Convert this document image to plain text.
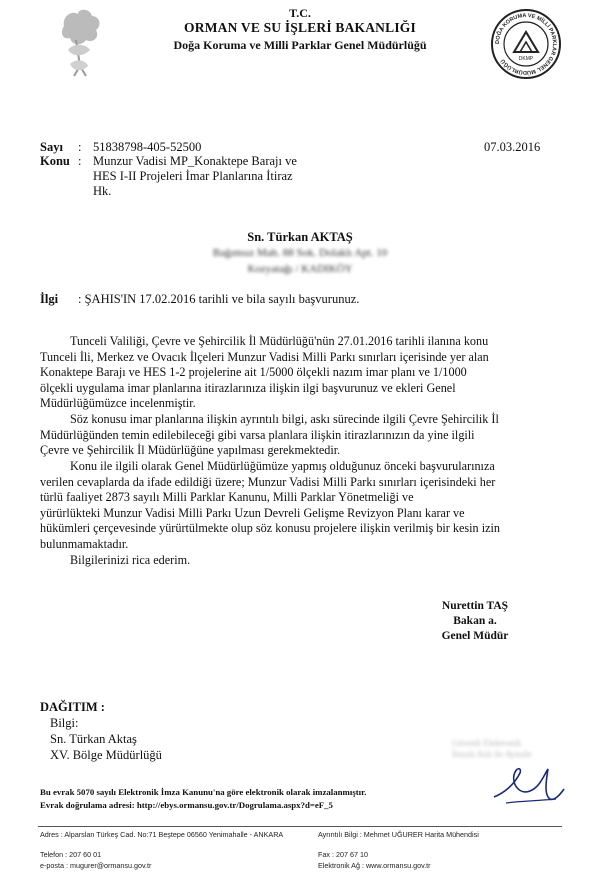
T.C.
ORMAN VE SU İŞLERİ BAKANLIĞI
Doğa Koruma ve Milli Parklar Genel Müdürlüğü	DOĞA KORUMA VE MİLLİ PARKLAR GENEL MÜDÜRLÜĞÜ	DKMP
Sayı : 51838798-405-52500	07.03.2016
Konu : Munzur Vadisi MP_Konaktepe Barajı ve
HES I-II Projeleri İmar Planlarına İtiraz
Hk.
Sn. Türkan AKTAŞ
Bağımsız Mah. 88 Sok. Dolaklı Apt. 10
Kozyatağı / KADIKÖY
İlgi : ŞAHIS'IN 17.02.2016 tarihli ve bila sayılı başvurunuz.
Tunceli Valiliği, Çevre ve Şehircilik İl Müdürlüğü'nün 27.01.2016 tarihli ilanına konu
Tunceli İli, Merkez ve Ovacık İlçeleri Munzur Vadisi Milli Parkı sınırları içerisinde yer alan
Konaktepe Barajı ve HES 1-2 projelerine ait 1/5000 ölçekli nazım imar planı ve 1/1000
ölçekli uygulama imar planlarına itirazlarınıza ilişkin ilgi başvurunuz ve ekleri Genel
Müdürlüğümüzce incelenmiştir.
Söz konusu imar planlarına ilişkin ayrıntılı bilgi, askı sürecinde ilgili Çevre Şehircilik İl
Müdürlüğünden temin edilebileceği gibi varsa planlara ilişkin itirazlarınızın da yine ilgili
Çevre ve Şehircilik İl Müdürlüğüne yapılması gerekmektedir.
Konu ile ilgili olarak Genel Müdürlüğümüze yapmış olduğunuz önceki başvurularınıza
verilen cevaplarda da ifade edildiği üzere; Munzur Vadisi Milli Parkı sınırları içerisindeki her
türlü faaliyet 2873 sayılı Milli Parklar Kanunu, Milli Parklar Yönetmeliği ve
yürürlükteki Munzur Vadisi Milli Parkı Uzun Devreli Gelişme Revizyon Planı karar ve
hükümleri çerçevesinde yürürtülmekte olup söz konusu projelere ilişkin verilmiş bir kesin izin
bulunmamaktadır.
Bilgilerinizi rica ederim.
Nurettin TAŞ
Bakan a.
Genel Müdür
DAĞITIM :
Bilgi:
Sn. Türkan Aktaş
XV. Bölge Müdürlüğü
Güvenli Elektronik İmzalı Aslı ile Aynıdır
Bu evrak 5070 sayılı Elektronik İmza Kanunu'na göre elektronik olarak imzalanmıştır.
Evrak doğrulama adresi: http://ebys.ormansu.gov.tr/Dogrulama.aspx?d=eF_5
Adres : Alparslan Türkeş Cad. No:71 Beştepe 06560 Yenimahalle - ANKARA
Telefon : 207 60 01
e-posta : mugurer@ormansu.gov.tr
Ayrıntılı Bilgi : Mehmet UĞURER Harita Mühendisi
Fax : 207 67 10
Elektronik Ağ : www.ormansu.gov.tr
